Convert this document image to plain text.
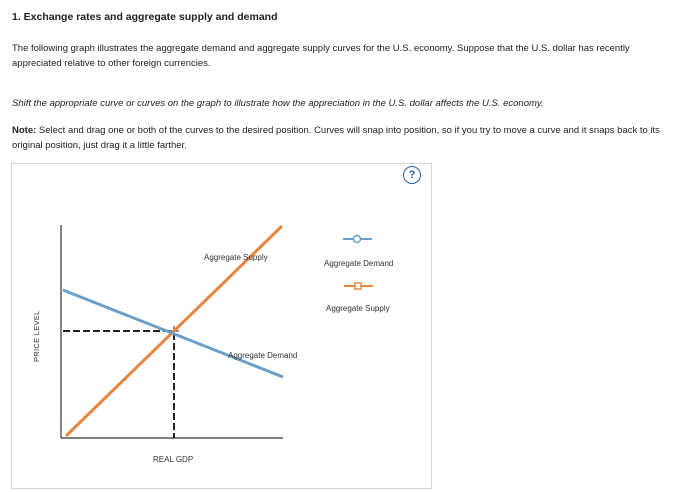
1. Exchange rates and aggregate supply and demand

The following graph illustrates the aggregate demand and aggregate supply curves for the U.S. economy. Suppose that the U.S. dollar has recently appreciated relative to other foreign currencies.

Shift the appropriate curve or curves on the graph to illustrate how the appreciation in the U.S. dollar affects the U.S. economy.

Note: Select and drag one or both of the curves to the desired position. Curves will snap into position, so if you try to move a curve and it snaps back to its original position, just drag it a little farther.

?
PRICE LEVEL
REAL GDP
Aggregate Supply
Aggregate Demand
Aggregate Demand
Aggregate Supply
